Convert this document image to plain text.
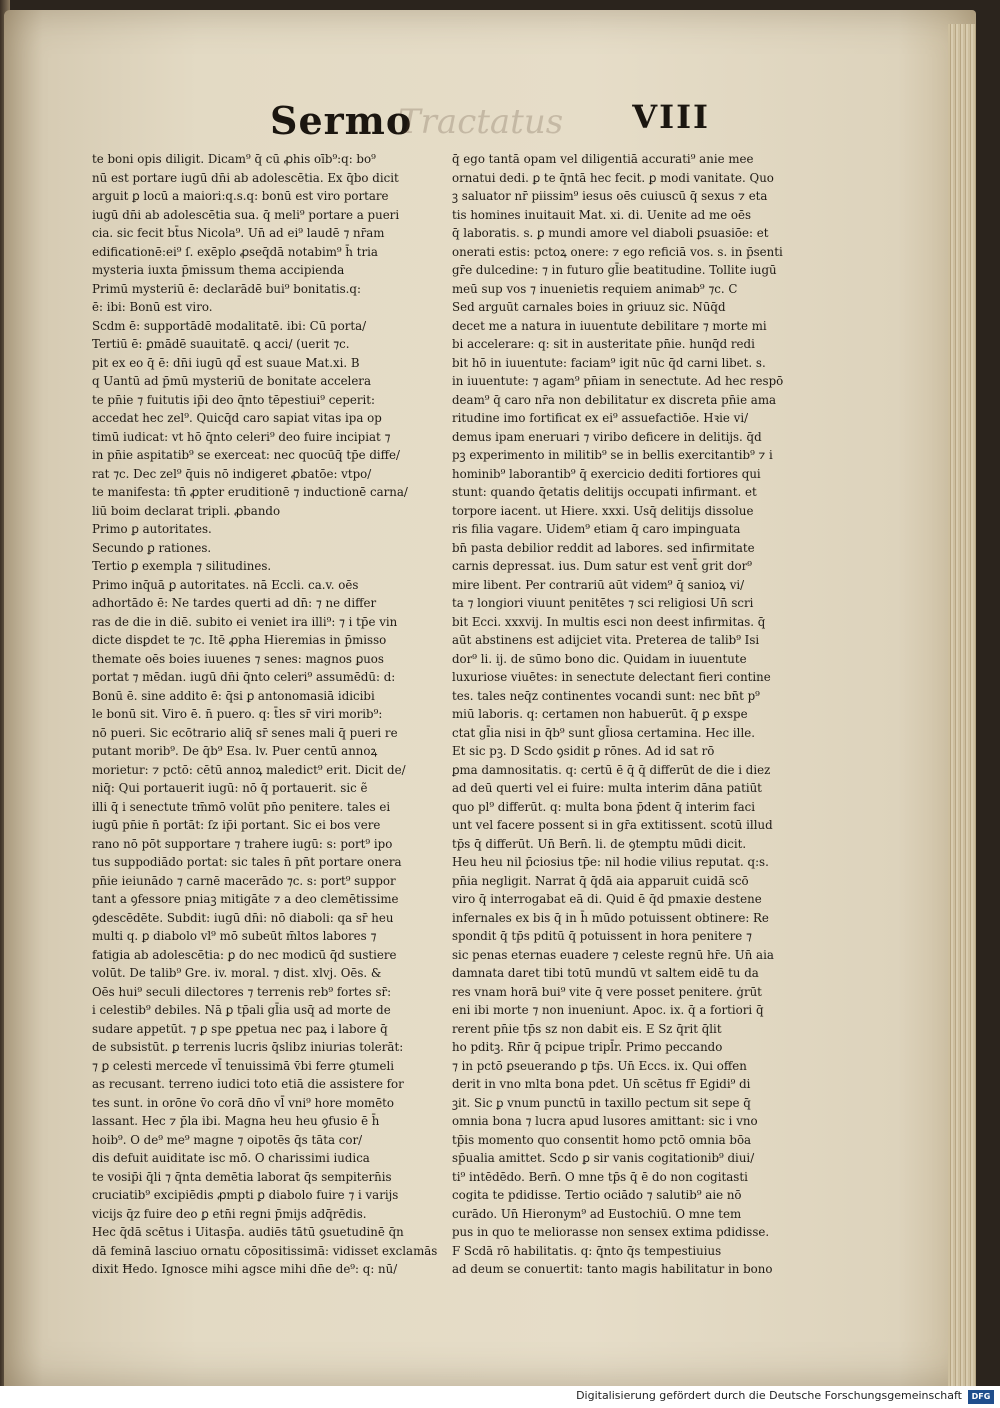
Sermo
Tractatus VIII
te boni opis diligit. Dicam⁹ q̄ cū ꝓhis oīb⁹:q: bo⁹
nū est portare iugū dn̄i ab adolescētia. Ex q̄bo dicit
arguit ꝑ locū a maiori:q.s.q: bonū est viro portare
iugū dn̄i ab adolescētia sua. q̄ meli⁹ portare a pueri
cia. sic fecit bt̄us Nicola⁹. Un̄ ad ei⁹ laudē ⁊ nr̄am
edificationē:ei⁹ ſ. exēplo ꝓseq̄dā notabim⁹ h̄ tria
mysteria iuxta p̄missum thema accipienda
Primū mysteriū ē: declarādē bui⁹ bonitatis.q:
ē: ibi: Bonū est viro.
Scdm ē: supportādē modalitatē. ibi: Cū porta/
Tertiū ē: ꝑmādē suauitatē. ꝗ acci/ (uerit ⁊c.
pit ex eo q̄ ē: dn̄i iugū qd̄ est suaue Mat.xi. B
q Uantū ad p̄mū mysteriū de bonitate accelera
te pn̄ie ⁊ fuitutis ip̄i deo q̄nto tēpestiui⁹ ceperit:
accedat hec zel⁹. Quicq̄d caro sapiat vitas ipa op
timū iudicat: vt hō q̄nto celeri⁹ deo fuire incipiat ⁊
in pn̄ie aspitatib⁹ se exerceat: nec quocūq̄ tp̄e diffe/
rat ⁊c. Dec zel⁹ q̄uis nō indigeret ꝓbatōe: vtpo/
te manifesta: tn̄ ꝓpter eruditionē ⁊ inductionē carna/
liū boim declarat tripli. ꝓbando
Primo ꝑ autoritates.
Secundo ꝑ rationes.
Tertio ꝑ exempla ⁊ silitudines.
Primo inq̄uā ꝑ autoritates. nā Eccli. ca.v. oēs
adhortādo ē: Ne tardes querti ad dn̄: ⁊ ne differ
ras de die in diē. subito ei veniet ira illi⁹: ⁊ i tp̄e vin
dicte disꝑdet te ⁊c. Itē ꝓpha Hieremias in p̄misso
themate oēs boies iuuenes ⁊ senes: magnos ꝑuos
portat ⁊ mēdan. iugū dn̄i q̄nto celeri⁹ assumēdū: d:
Bonū ē. sine addito ē: q̄si ꝑ antonomasiā idicibi
le bonū sit. Viro ē. n̄ puero. q: t̄les sr̄ viri morib⁹:
nō pueri. Sic ecōtrario aliq̄ sr̄ senes mali q̄ pueri re
putant morib⁹. De q̄b⁹ Esa. lv. Puer centū annoꝝ
morietur: ⁊ pctō: cētū annoꝝ maledict⁹ erit. Dicit de/
niq̄: Qui portauerit iugū: nō q̄ portauerit. sic ẽ
illi q̄ i senectute tm̄mō volūt pn̄o penitere. tales ei
iugū pn̄ie n̄ portāt: ſz ip̄i portant. Sic ei bos vere
rano nō pōt supportare ⁊ trahere iugū: s: port⁹ ipo
tus suppodiādo portat: sic tales n̄ pn̄t portare onera
pn̄ie ieiunādo ⁊ carnē macerādo ⁊c. s: port⁹ suppor
tant a ꝯfessore pniaꝫ mitigāte ⁊ a deo clemētissime
ꝯdescēdēte. Subdit: iugū dn̄i: nō diaboli: qa sr̄ heu
multi q. ꝑ diabolo vl⁹ mō subeūt m̄ltos labores ⁊
fatigia ab adolescētia: ꝑ do nec modicū q̄d sustiere
volūt. De talib⁹ Gre. iv. moral. ⁊ dist. xlvj. Oēs. &
Oēs hui⁹ seculi dilectores ⁊ terrenis reb⁹ fortes sr̄:
i celestib⁹ debiles. Nā ꝑ tp̄ali gl̄ia usq̄ ad morte de
sudare appetūt. ⁊ ꝑ spe ꝑpetua nec paꝝ i labore q̄
de subsistūt. ꝑ terrenis lucris q̄slibz iniurias tolerāt:
⁊ ꝑ celesti mercede vl̄ tenuissimā v̄bi ferre ꝯtumeli
as recusant. terreno iudici toto etiā die assistere for
tes sunt. in orōne v̄o corā dn̄o vl̄ vni⁹ hore momēto
lassant. Hec ⁊ p̄la ibi. Magna heu heu ꝯfusio ē h̄
hoib⁹. O de⁹ me⁹ magne ⁊ oipotēs q̄s tāta cor/
dis defuit auiditate isc mō. O charissimi iudica
te vosip̄i q̄li ⁊ q̄nta demētia laborat q̄s sempitern̄is
cruciatib⁹ excipiēdis ꝓmpti ꝑ diabolo fuire ⁊ i varijs
vicijs q̄z fuire deo ꝑ etn̄i regni p̄mijs adq̄rēdis.
Hec q̄dā scētus i Uitasp̄a. audiēs tātū ꝯsuetudinē q̄n
dā feminā lasciuo ornatu cōpositissimā: vidisset exclamās
dixit Ħedo. Ignosce mihi agsce mihi dn̄e de⁹: q: nū/
q̄ ego tantā opam vel diligentiā accurati⁹ anie mee
ornatui dedi. ꝑ te q̄ntā hec fecit. ꝑ modi vanitate. Quo
ꝫ saluator nr̄ piissim⁹ iesus oēs cuiuscū q̄ sexus ⁊ eta
tis homines inuitauit Mat. xi. di. Uenite ad me oēs
q̄ laboratis. s. ꝑ mundi amore vel diaboli ꝑsuasiōe: et
onerati estis: pctoꝝ onere: ⁊ ego reficiā vos. s. in p̄senti
gr̄e dulcedine: ⁊ in futuro gl̄ie beatitudine. Tollite iugū
meū sup vos ⁊ inuenietis requiem animab⁹ ⁊c. C
Sed arguūt carnales boies in ꝯriuuz sic. Nūq̄d
decet me a natura in iuuentute debilitare ⁊ morte mi
bi accelerare: q: sit in austeritate pn̄ie. hunq̄d redi
bit hō in iuuentute: faciam⁹ igit nūc q̄d carni libet. s.
in iuuentute: ⁊ agam⁹ pn̄iam in senectute. Ad hec respō
deam⁹ q̄ caro nr̄a non debilitatur ex discreta pn̄ie ama
ritudine imo fortificat ex ei⁹ assuefactiōe. Hꝛie vi/
demus ipam eneruari ⁊ viribo deficere in delitijs. q̄d
pꝫ experimento in militib⁹ se in bellis exercitantib⁹ ⁊ i
hominib⁹ laborantib⁹ q̄ exercicio dediti fortiores qui
stunt: quando q̄etatis delitijs occupati infirmant. et
torpore iacent. ut Hiere. xxxi. Usq̄ delitijs dissolue
ris filia vagare. Uidem⁹ etiam q̄ caro impinguata
bn̄ pasta debilior reddit ad labores. sed infirmitate
carnis depressat. ius. Dum satur est vent̄ grit dor⁹
mire libent. Per contrariū aūt videm⁹ q̄ sanioꝝ vi/
ta ⁊ longiori viuunt penitētes ⁊ sci religiosi Un̄ scri
bit Ecci. xxxvij. In multis esci non deest infirmitas. q̄
aūt abstinens est adijciet vita. Preterea de talib⁹ Isi
dor⁹ li. ij. de sūmo bono dic. Quidam in iuuentute
luxuriose viuētes: in senectute delectant fieri contine
tes. tales neq̄z continentes vocandi sunt: nec bn̄t p⁹
miū laboris. q: certamen non habuerūt. q̄ ꝑ exspe
ctat gl̄ia nisi in q̄b⁹ sunt gl̄iosa certamina. Hec ille.
Et sic pꝫ. D Scdo ꝯsidit ꝑ rōnes. Ad id sat rō
ꝑma damnositatis. q: certū ē q̄ q̄ differūt de die i diez
ad deū querti vel ei fuire: multa interim dāna patiūt
quo pl⁹ differūt. q: multa bona p̄dent q̄ interim faci
unt vel facere possent si in gr̄a extitissent. scotū illud
tp̄s q̄ differūt. Un̄ Bern̄. li. de ꝯtemptu mūdi dicit.
Heu heu nil p̄ciosius tp̄e: nil hodie vilius reputat. q:s.
pn̄ia negligit. Narrat q̄ q̄dā aia apparuit cuidā scō
viro q̄ interrogabat eā di. Quid ē q̄d pmaxie destene
infernales ex bis q̄ in h̄ mūdo potuissent obtinere: Re
spondit q̄ tp̄s pditū q̄ potuissent in hora penitere ⁊
sic penas eternas euadere ⁊ celeste regnū hr̄e. Un̄ aia
damnata daret tibi totū mundū vt saltem eidē tu da
res vnam horā bui⁹ vite q̄ vere posset penitere. ġrūt
eni ibi morte ⁊ non inueniunt. Apoc. ix. q̄ a fortiori q̄
rerent pn̄ie tp̄s sz non dabit eis. E Sz q̄rit q̄lit
ho pditꝫ. Rn̄r q̄ pcipue tripl̄r. Primo peccando
⁊ in pctō ꝑseuerando ꝑ tp̄s. Un̄ Eccs. ix. Qui offen
derit in vno mlta bona pdet. Un̄ scētus fr̄ Egidi⁹ di
ꝫit. Sic ꝑ vnum punctū in taxillo pectum sit sepe q̄
omnia bona ⁊ lucra apud lusores amittant: sic i vno
tp̄is momento quo consentit homo pctō omnia bōa
sp̄ualia amittet. Scdo ꝑ sir vanis cogitationib⁹ diui/
ti⁹ intēdēdo. Bern̄. O mne tp̄s q̄ ē do non cogitasti
cogita te pdidisse. Tertio ociādo ⁊ salutib⁹ aie nō
curādo. Un̄ Hieronym⁹ ad Eustochiū. O mne tem
pus in quo te meliorasse non sensex extima pdidisse.
F Scdā rō habilitatis. q: q̄nto q̄s tempestiuius
ad deum se conuertit: tanto magis habilitatur in bono
Digitalisierung gefördert durch die Deutsche Forschungsgemeinschaft	DFG
